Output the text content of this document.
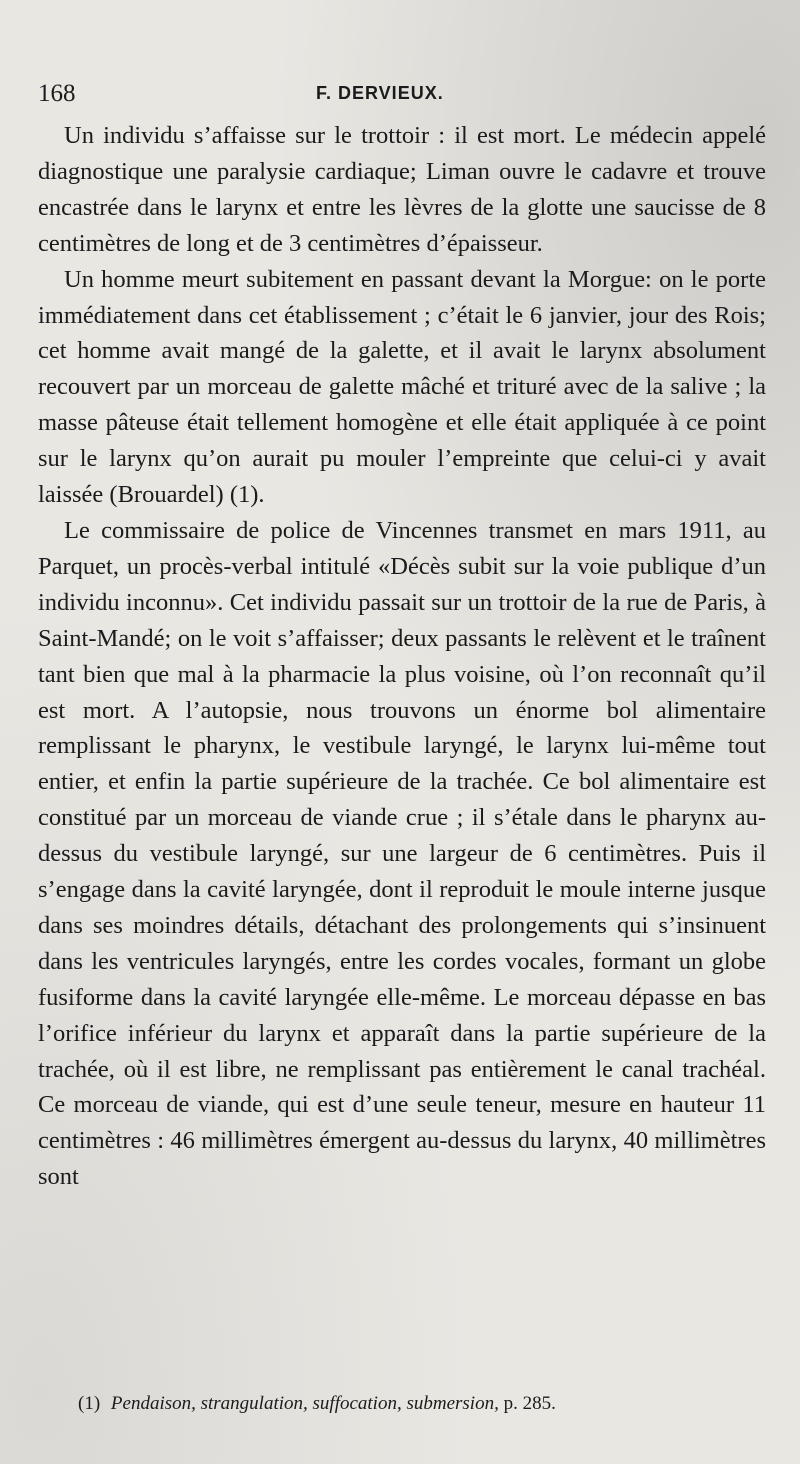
168	F. DERVIEUX.

Un individu s’affaisse sur le trottoir : il est mort. Le médecin appelé diagnostique une paralysie cardiaque; Liman ouvre le cadavre et trouve encastrée dans le larynx et entre les lèvres de la glotte une saucisse de 8 centimètres de long et de 3 centimètres d’épaisseur.

Un homme meurt subitement en passant devant la Morgue: on le porte immédiatement dans cet établissement ; c’était le 6 janvier, jour des Rois; cet homme avait mangé de la galette, et il avait le larynx absolument recouvert par un morceau de galette mâché et trituré avec de la salive ; la masse pâteuse était tellement homogène et elle était appliquée à ce point sur le larynx qu’on aurait pu mouler l’empreinte que celui-ci y avait laissée (Brouardel) (1).

Le commissaire de police de Vincennes transmet en mars 1911, au Parquet, un procès-verbal intitulé «Décès subit sur la voie publique d’un individu inconnu». Cet individu passait sur un trottoir de la rue de Paris, à Saint-Mandé; on le voit s’affaisser; deux passants le relèvent et le traînent tant bien que mal à la pharmacie la plus voisine, où l’on reconnaît qu’il est mort. A l’autopsie, nous trouvons un énorme bol alimentaire remplissant le pharynx, le vestibule laryngé, le larynx lui-même tout entier, et enfin la partie supérieure de la trachée. Ce bol alimentaire est constitué par un morceau de viande crue ; il s’étale dans le pharynx au-dessus du vestibule laryngé, sur une largeur de 6 centimètres. Puis il s’engage dans la cavité laryngée, dont il reproduit le moule interne jusque dans ses moindres détails, détachant des prolongements qui s’insinuent dans les ventricules laryngés, entre les cordes vocales, formant un globe fusiforme dans la cavité laryngée elle-même. Le morceau dépasse en bas l’orifice inférieur du larynx et apparaît dans la partie supérieure de la trachée, où il est libre, ne remplissant pas entièrement le canal trachéal. Ce morceau de viande, qui est d’une seule teneur, mesure en hauteur 11 centimètres : 46 millimètres émergent au-dessus du larynx, 40 millimètres sont

(1) Pendaison, strangulation, suffocation, submersion, p. 285.
